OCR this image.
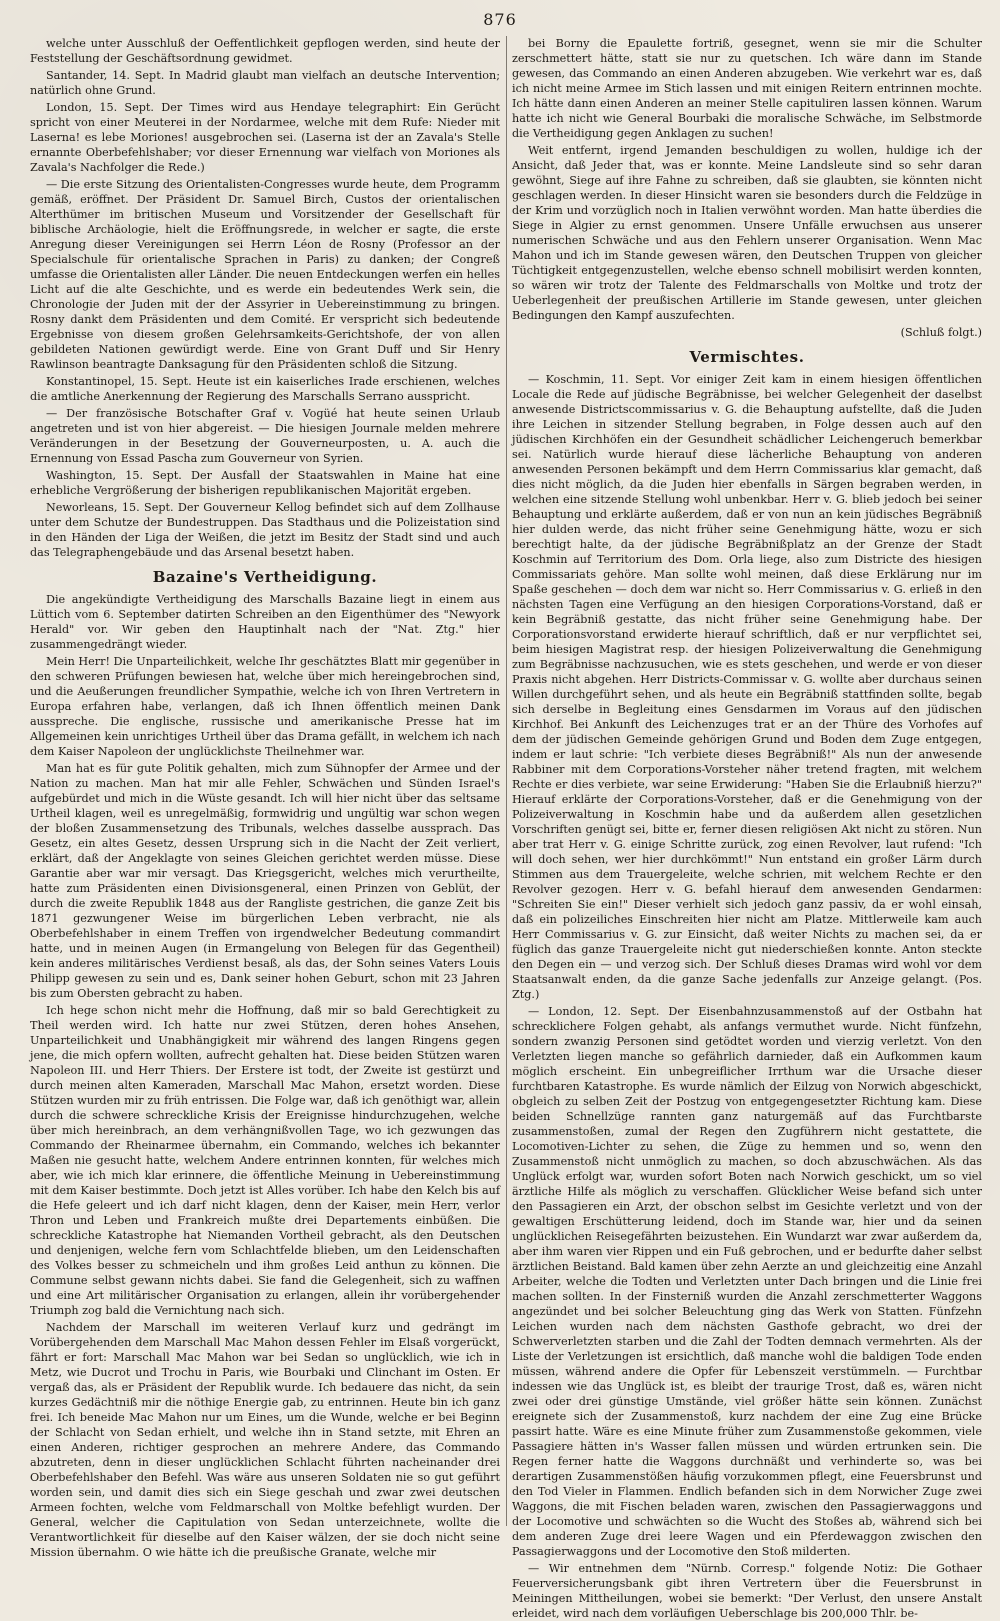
876

welche unter Ausschluß der Oeffentlichkeit gepflogen werden, sind heute der Feststellung der Geschäftsordnung gewidmet.

Santander, 14. Sept. In Madrid glaubt man vielfach an deutsche Intervention; natürlich ohne Grund.

London, 15. Sept. Der Times wird aus Hendaye telegraphirt: Ein Gerücht spricht von einer Meuterei in der Nordarmee, welche mit dem Rufe: Nieder mit Laserna! es lebe Moriones! ausgebrochen sei. (Laserna ist der an Zavala's Stelle ernannte Oberbefehlshaber; vor dieser Ernennung war vielfach von Moriones als Zavala's Nachfolger die Rede.)

— Die erste Sitzung des Orientalisten-Congresses wurde heute, dem Programm gemäß, eröffnet. Der Präsident Dr. Samuel Birch, Custos der orientalischen Alterthümer im britischen Museum und Vorsitzender der Gesellschaft für biblische Archäologie, hielt die Eröffnungsrede, in welcher er sagte, die erste Anregung dieser Vereinigungen sei Herrn Léon de Rosny (Professor an der Specialschule für orientalische Sprachen in Paris) zu danken; der Congreß umfasse die Orientalisten aller Länder. Die neuen Entdeckungen werfen ein helles Licht auf die alte Geschichte, und es werde ein bedeutendes Werk sein, die Chronologie der Juden mit der der Assyrier in Uebereinstimmung zu bringen. Rosny dankt dem Präsidenten und dem Comité. Er verspricht sich bedeutende Ergebnisse von diesem großen Gelehrsamkeits-Gerichtshofe, der von allen gebildeten Nationen gewürdigt werde. Eine von Grant Duff und Sir Henry Rawlinson beantragte Danksagung für den Präsidenten schloß die Sitzung.

Konstantinopel, 15. Sept. Heute ist ein kaiserliches Irade erschienen, welches die amtliche Anerkennung der Regierung des Marschalls Serrano ausspricht.

— Der französische Botschafter Graf v. Vogüé hat heute seinen Urlaub angetreten und ist von hier abgereist. — Die hiesigen Journale melden mehrere Veränderungen in der Besetzung der Gouverneurposten, u. A. auch die Ernennung von Essad Pascha zum Gouverneur von Syrien.

Washington, 15. Sept. Der Ausfall der Staatswahlen in Maine hat eine erhebliche Vergrößerung der bisherigen republikanischen Majorität ergeben.

Neworleans, 15. Sept. Der Gouverneur Kellog befindet sich auf dem Zollhause unter dem Schutze der Bundestruppen. Das Stadthaus und die Polizeistation sind in den Händen der Liga der Weißen, die jetzt im Besitz der Stadt sind und auch das Telegraphengebäude und das Arsenal besetzt haben.

Bazaine's Vertheidigung.

Die angekündigte Vertheidigung des Marschalls Bazaine liegt in einem aus Lüttich vom 6. September datirten Schreiben an den Eigenthümer des "Newyork Herald" vor. Wir geben den Hauptinhalt nach der "Nat. Ztg." hier zusammengedrängt wieder.

Mein Herr! Die Unparteilichkeit, welche Ihr geschätztes Blatt mir gegenüber in den schweren Prüfungen bewiesen hat, welche über mich hereingebrochen sind, und die Aeußerungen freundlicher Sympathie, welche ich von Ihren Vertretern in Europa erfahren habe, verlangen, daß ich Ihnen öffentlich meinen Dank ausspreche. Die englische, russische und amerikanische Presse hat im Allgemeinen kein unrichtiges Urtheil über das Drama gefällt, in welchem ich nach dem Kaiser Napoleon der unglücklichste Theilnehmer war.

Man hat es für gute Politik gehalten, mich zum Sühnopfer der Armee und der Nation zu machen. Man hat mir alle Fehler, Schwächen und Sünden Israel's aufgebürdet und mich in die Wüste gesandt. Ich will hier nicht über das seltsame Urtheil klagen, weil es unregelmäßig, formwidrig und ungültig war schon wegen der bloßen Zusammensetzung des Tribunals, welches dasselbe aussprach. Das Gesetz, ein altes Gesetz, dessen Ursprung sich in die Nacht der Zeit verliert, erklärt, daß der Angeklagte von seines Gleichen gerichtet werden müsse. Diese Garantie aber war mir versagt. Das Kriegsgericht, welches mich verurtheilte, hatte zum Präsidenten einen Divisionsgeneral, einen Prinzen von Geblüt, der durch die zweite Republik 1848 aus der Rangliste gestrichen, die ganze Zeit bis 1871 gezwungener Weise im bürgerlichen Leben verbracht, nie als Oberbefehlshaber in einem Treffen von irgendwelcher Bedeutung commandirt hatte, und in meinen Augen (in Ermangelung von Belegen für das Gegentheil) kein anderes militärisches Verdienst besaß, als das, der Sohn seines Vaters Louis Philipp gewesen zu sein und es, Dank seiner hohen Geburt, schon mit 23 Jahren bis zum Obersten gebracht zu haben.

Ich hege schon nicht mehr die Hoffnung, daß mir so bald Gerechtigkeit zu Theil werden wird. Ich hatte nur zwei Stützen, deren hohes Ansehen, Unparteilichkeit und Unabhängigkeit mir während des langen Ringens gegen jene, die mich opfern wollten, aufrecht gehalten hat. Diese beiden Stützen waren Napoleon III. und Herr Thiers. Der Erstere ist todt, der Zweite ist gestürzt und durch meinen alten Kameraden, Marschall Mac Mahon, ersetzt worden. Diese Stützen wurden mir zu früh entrissen. Die Folge war, daß ich genöthigt war, allein durch die schwere schreckliche Krisis der Ereignisse hindurchzugehen, welche über mich hereinbrach, an dem verhängnißvollen Tage, wo ich gezwungen das Commando der Rheinarmee übernahm, ein Commando, welches ich bekannter Maßen nie gesucht hatte, welchem Andere entrinnen konnten, für welches mich aber, wie ich mich klar erinnere, die öffentliche Meinung in Uebereinstimmung mit dem Kaiser bestimmte. Doch jetzt ist Alles vorüber. Ich habe den Kelch bis auf die Hefe geleert und ich darf nicht klagen, denn der Kaiser, mein Herr, verlor Thron und Leben und Frankreich mußte drei Departements einbüßen. Die schreckliche Katastrophe hat Niemanden Vortheil gebracht, als den Deutschen und denjenigen, welche fern vom Schlachtfelde blieben, um den Leidenschaften des Volkes besser zu schmeicheln und ihm großes Leid anthun zu können. Die Commune selbst gewann nichts dabei. Sie fand die Gelegenheit, sich zu waffnen und eine Art militärischer Organisation zu erlangen, allein ihr vorübergehender Triumph zog bald die Vernichtung nach sich.

Nachdem der Marschall im weiteren Verlauf kurz und gedrängt im Vorübergehenden dem Marschall Mac Mahon dessen Fehler im Elsaß vorgerückt, fährt er fort: Marschall Mac Mahon war bei Sedan so unglücklich, wie ich in Metz, wie Ducrot und Trochu in Paris, wie Bourbaki und Clinchant im Osten. Er vergaß das, als er Präsident der Republik wurde. Ich bedauere das nicht, da sein kurzes Gedächtniß mir die nöthige Energie gab, zu entrinnen. Heute bin ich ganz frei. Ich beneide Mac Mahon nur um Eines, um die Wunde, welche er bei Beginn der Schlacht von Sedan erhielt, und welche ihn in Stand setzte, mit Ehren an einen Anderen, richtiger gesprochen an mehrere Andere, das Commando abzutreten, denn in dieser unglücklichen Schlacht führten nacheinander drei Oberbefehlshaber den Befehl. Was wäre aus unseren Soldaten nie so gut geführt worden sein, und damit dies sich ein Siege geschah und zwar zwei deutschen Armeen fochten, welche vom Feldmarschall von Moltke befehligt wurden. Der General, welcher die Capitulation von Sedan unterzeichnete, wollte die Verantwortlichkeit für dieselbe auf den Kaiser wälzen, der sie doch nicht seine Mission übernahm. O wie hätte ich die preußische Granate, welche mir

bei Borny die Epaulette fortriß, gesegnet, wenn sie mir die Schulter zerschmettert hätte, statt sie nur zu quetschen. Ich wäre dann im Stande gewesen, das Commando an einen Anderen abzugeben. Wie verkehrt war es, daß ich nicht meine Armee im Stich lassen und mit einigen Reitern entrinnen mochte. Ich hätte dann einen Anderen an meiner Stelle capituliren lassen können. Warum hatte ich nicht wie General Bourbaki die moralische Schwäche, im Selbstmorde die Vertheidigung gegen Anklagen zu suchen!

Weit entfernt, irgend Jemanden beschuldigen zu wollen, huldige ich der Ansicht, daß Jeder that, was er konnte. Meine Landsleute sind so sehr daran gewöhnt, Siege auf ihre Fahne zu schreiben, daß sie glaubten, sie könnten nicht geschlagen werden. In dieser Hinsicht waren sie besonders durch die Feldzüge in der Krim und vorzüglich noch in Italien verwöhnt worden. Man hatte überdies die Siege in Algier zu ernst genommen. Unsere Unfälle erwuchsen aus unserer numerischen Schwäche und aus den Fehlern unserer Organisation. Wenn Mac Mahon und ich im Stande gewesen wären, den Deutschen Truppen von gleicher Tüchtigkeit entgegenzustellen, welche ebenso schnell mobilisirt werden konnten, so wären wir trotz der Talente des Feldmarschalls von Moltke und trotz der Ueberlegenheit der preußischen Artillerie im Stande gewesen, unter gleichen Bedingungen den Kampf auszufechten.

(Schluß folgt.)
Vermischtes.

— Koschmin, 11. Sept. Vor einiger Zeit kam in einem hiesigen öffentlichen Locale die Rede auf jüdische Begräbnisse, bei welcher Gelegenheit der daselbst anwesende Districtscommissarius v. G. die Behauptung aufstellte, daß die Juden ihre Leichen in sitzender Stellung begraben, in Folge dessen auch auf den jüdischen Kirchhöfen ein der Gesundheit schädlicher Leichengeruch bemerkbar sei. Natürlich wurde hierauf diese lächerliche Behauptung von anderen anwesenden Personen bekämpft und dem Herrn Commissarius klar gemacht, daß dies nicht möglich, da die Juden hier ebenfalls in Särgen begraben werden, in welchen eine sitzende Stellung wohl unbenkbar. Herr v. G. blieb jedoch bei seiner Behauptung und erklärte außerdem, daß er von nun an kein jüdisches Begräbniß hier dulden werde, das nicht früher seine Genehmigung hätte, wozu er sich berechtigt halte, da der jüdische Begräbnißplatz an der Grenze der Stadt Koschmin auf Territorium des Dom. Orla liege, also zum Districte des hiesigen Commissariats gehöre. Man sollte wohl meinen, daß diese Erklärung nur im Spaße geschehen — doch dem war nicht so. Herr Commissarius v. G. erließ in den nächsten Tagen eine Verfügung an den hiesigen Corporations-Vorstand, daß er kein Begräbniß gestatte, das nicht früher seine Genehmigung habe. Der Corporationsvorstand erwiderte hierauf schriftlich, daß er nur verpflichtet sei, beim hiesigen Magistrat resp. der hiesigen Polizeiverwaltung die Genehmigung zum Begräbnisse nachzusuchen, wie es stets geschehen, und werde er von dieser Praxis nicht abgehen. Herr Districts-Commissar v. G. wollte aber durchaus seinen Willen durchgeführt sehen, und als heute ein Begräbniß stattfinden sollte, begab sich derselbe in Begleitung eines Gensdarmen im Voraus auf den jüdischen Kirchhof. Bei Ankunft des Leichenzuges trat er an der Thüre des Vorhofes auf dem der jüdischen Gemeinde gehörigen Grund und Boden dem Zuge entgegen, indem er laut schrie: "Ich verbiete dieses Begräbniß!" Als nun der anwesende Rabbiner mit dem Corporations-Vorsteher näher tretend fragten, mit welchem Rechte er dies verbiete, war seine Erwiderung: "Haben Sie die Erlaubniß hierzu?" Hierauf erklärte der Corporations-Vorsteher, daß er die Genehmigung von der Polizeiverwaltung in Koschmin habe und da außerdem allen gesetzlichen Vorschriften genügt sei, bitte er, ferner diesen religiösen Akt nicht zu stören. Nun aber trat Herr v. G. einige Schritte zurück, zog einen Revolver, laut rufend: "Ich will doch sehen, wer hier durchkömmt!" Nun entstand ein großer Lärm durch Stimmen aus dem Trauergeleite, welche schrien, mit welchem Rechte er den Revolver gezogen. Herr v. G. befahl hierauf dem anwesenden Gendarmen: "Schreiten Sie ein!" Dieser verhielt sich jedoch ganz passiv, da er wohl einsah, daß ein polizeiliches Einschreiten hier nicht am Platze. Mittlerweile kam auch Herr Commissarius v. G. zur Einsicht, daß weiter Nichts zu machen sei, da er füglich das ganze Trauergeleite nicht gut niederschießen konnte. Anton steckte den Degen ein — und verzog sich. Der Schluß dieses Dramas wird wohl vor dem Staatsanwalt enden, da die ganze Sache jedenfalls zur Anzeige gelangt. (Pos. Ztg.)

— London, 12. Sept. Der Eisenbahnzusammenstoß auf der Ostbahn hat schrecklichere Folgen gehabt, als anfangs vermuthet wurde. Nicht fünfzehn, sondern zwanzig Personen sind getödtet worden und vierzig verletzt. Von den Verletzten liegen manche so gefährlich darnieder, daß ein Aufkommen kaum möglich erscheint. Ein unbegreiflicher Irrthum war die Ursache dieser furchtbaren Katastrophe. Es wurde nämlich der Eilzug von Norwich abgeschickt, obgleich zu selben Zeit der Postzug von entgegengesetzter Richtung kam. Diese beiden Schnellzüge rannten ganz naturgemäß auf das Furchtbarste zusammenstoßen, zumal der Regen den Zugführern nicht gestattete, die Locomotiven-Lichter zu sehen, die Züge zu hemmen und so, wenn den Zusammenstoß nicht unmöglich zu machen, so doch abzuschwächen. Als das Unglück erfolgt war, wurden sofort Boten nach Norwich geschickt, um so viel ärztliche Hilfe als möglich zu verschaffen. Glücklicher Weise befand sich unter den Passagieren ein Arzt, der obschon selbst im Gesichte verletzt und von der gewaltigen Erschütterung leidend, doch im Stande war, hier und da seinen unglücklichen Reisegefährten beizustehen. Ein Wundarzt war zwar außerdem da, aber ihm waren vier Rippen und ein Fuß gebrochen, und er bedurfte daher selbst ärztlichen Beistand. Bald kamen über zehn Aerzte an und gleichzeitig eine Anzahl Arbeiter, welche die Todten und Verletzten unter Dach bringen und die Linie frei machen sollten. In der Finsterniß wurden die Anzahl zerschmetterter Waggons angezündet und bei solcher Beleuchtung ging das Werk von Statten. Fünfzehn Leichen wurden nach dem nächsten Gasthofe gebracht, wo drei der Schwerverletzten starben und die Zahl der Todten demnach vermehrten. Als der Liste der Verletzungen ist ersichtlich, daß manche wohl die baldigen Tode enden müssen, während andere die Opfer für Lebenszeit verstümmeln. — Furchtbar indessen wie das Unglück ist, es bleibt der traurige Trost, daß es, wären nicht zwei oder drei günstige Umstände, viel größer hätte sein können. Zunächst ereignete sich der Zusammenstoß, kurz nachdem der eine Zug eine Brücke passirt hatte. Wäre es eine Minute früher zum Zusammenstoße gekommen, viele Passagiere hätten in's Wasser fallen müssen und würden ertrunken sein. Die Regen ferner hatte die Waggons durchnäßt und verhinderte so, was bei derartigen Zusammenstößen häufig vorzukommen pflegt, eine Feuersbrunst und den Tod Vieler in Flammen. Endlich befanden sich in dem Norwicher Zuge zwei Waggons, die mit Fischen beladen waren, zwischen den Passagierwaggons und der Locomotive und schwächten so die Wucht des Stoßes ab, während sich bei dem anderen Zuge drei leere Wagen und ein Pferdewaggon zwischen den Passagierwaggons und der Locomotive den Stoß milderten.

— Wir entnehmen dem "Nürnb. Corresp." folgende Notiz: Die Gothaer Feuerversicherungsbank gibt ihren Vertretern über die Feuersbrunst in Meiningen Mittheilungen, wobei sie bemerkt: "Der Verlust, den unsere Anstalt erleidet, wird nach dem vorläufigen Ueberschlage bis 200,000 Thlr. be-
